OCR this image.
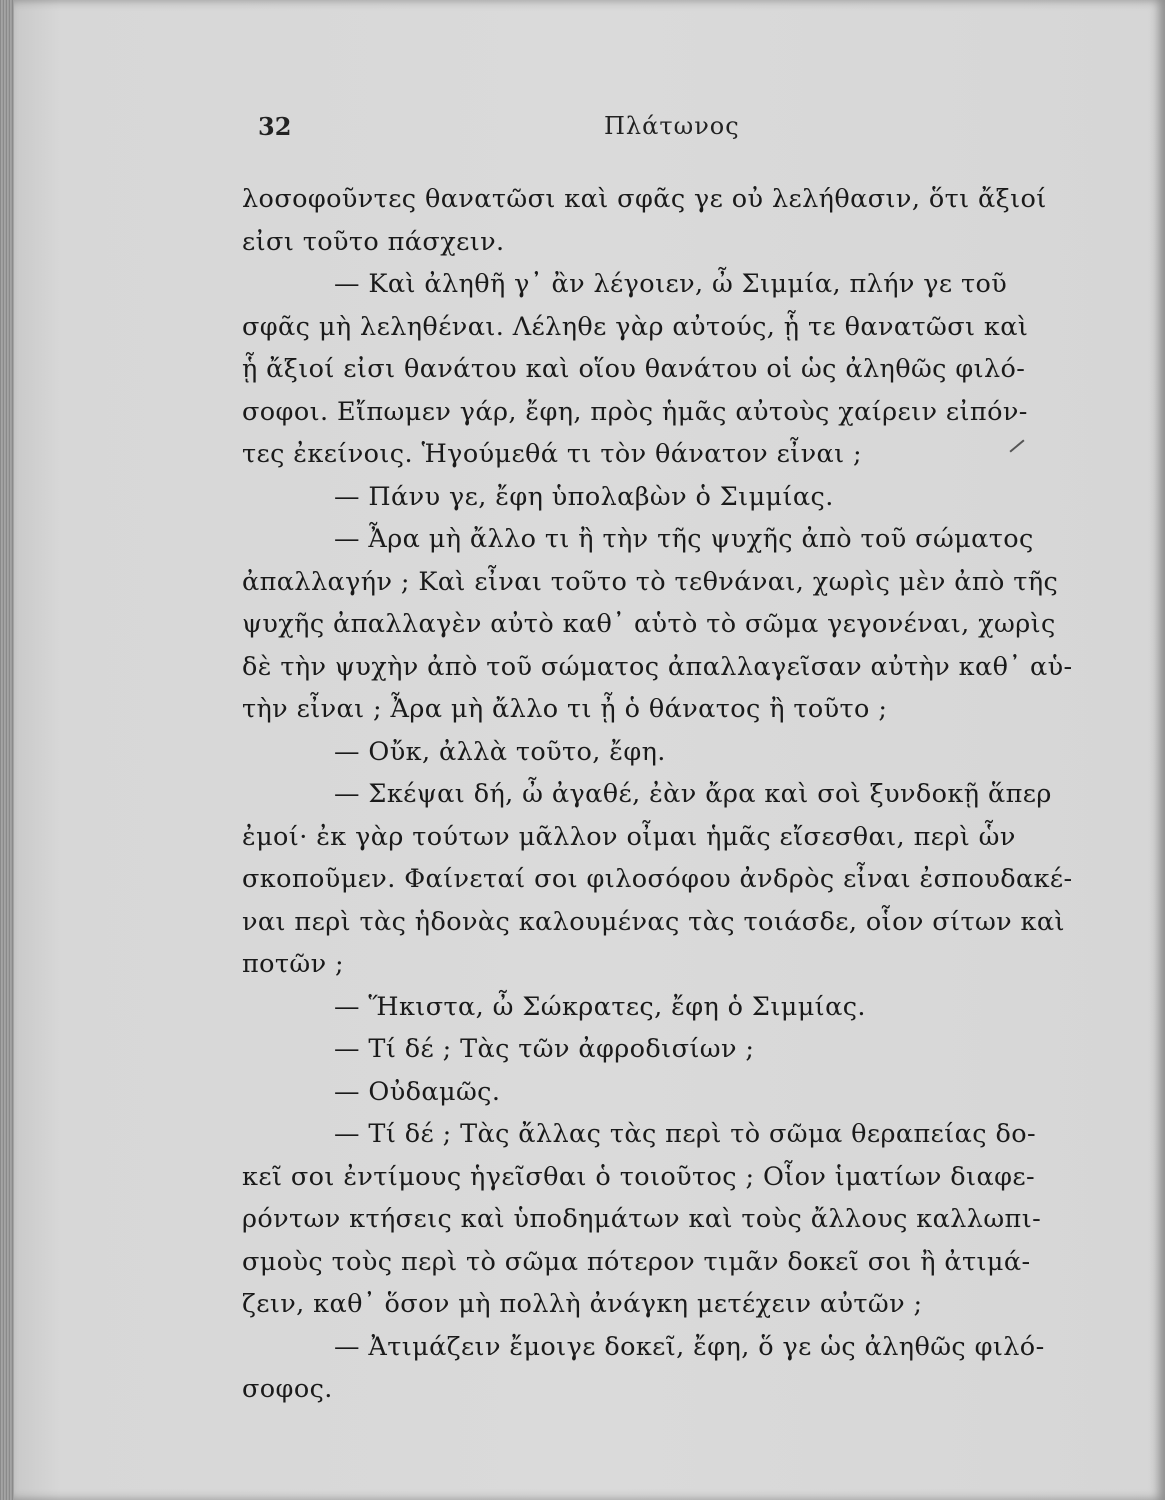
32	Πλάτωνος
λοσοφοῦντες θανατῶσι καὶ σφᾶς γε οὐ λελήθασιν, ὅτι ἄξιοί
εἰσι τοῦτο πάσχειν.
— Καὶ ἀληθῆ γ᾽ ἂν λέγοιεν, ὦ Σιμμία, πλήν γε τοῦ
σφᾶς μὴ λεληθέναι. Λέληθε γὰρ αὐτούς, ᾗ τε θανατῶσι καὶ
ᾗ ἄξιοί εἰσι θανάτου καὶ οἵου θανάτου οἱ ὡς ἀληθῶς φιλό-
σοφοι. Εἴπωμεν γάρ, ἔφη, πρὸς ἡμᾶς αὐτοὺς χαίρειν εἰπόν-
τες ἐκείνοις. Ἡγούμεθά τι τὸν θάνατον εἶναι ;
— Πάνυ γε, ἔφη ὑπολαβὼν ὁ Σιμμίας.
— Ἆρα μὴ ἄλλο τι ἢ τὴν τῆς ψυχῆς ἀπὸ τοῦ σώματος
ἀπαλλαγήν ; Καὶ εἶναι τοῦτο τὸ τεθνάναι, χωρὶς μὲν ἀπὸ τῆς
ψυχῆς ἀπαλλαγὲν αὐτὸ καθ᾽ αὑτὸ τὸ σῶμα γεγονέναι, χωρὶς
δὲ τὴν ψυχὴν ἀπὸ τοῦ σώματος ἀπαλλαγεῖσαν αὐτὴν καθ᾽ αὑ-
τὴν εἶναι ; Ἆρα μὴ ἄλλο τι ᾖ ὁ θάνατος ἢ τοῦτο ;
— Οὔκ, ἀλλὰ τοῦτο, ἔφη.
— Σκέψαι δή, ὦ ἀγαθέ, ἐὰν ἄρα καὶ σοὶ ξυνδοκῇ ἅπερ
ἐμοί· ἐκ γὰρ τούτων μᾶλλον οἶμαι ἡμᾶς εἴσεσθαι, περὶ ὧν
σκοποῦμεν. Φαίνεταί σοι φιλοσόφου ἀνδρὸς εἶναι ἐσπουδακέ-
ναι περὶ τὰς ἡδονὰς καλουμένας τὰς τοιάσδε, οἷον σίτων καὶ
ποτῶν ;
— Ἥκιστα, ὦ Σώκρατες, ἔφη ὁ Σιμμίας.
— Τί δέ ; Τὰς τῶν ἀφροδισίων ;
— Οὐδαμῶς.
— Τί δέ ; Τὰς ἄλλας τὰς περὶ τὸ σῶμα θεραπείας δο-
κεῖ σοι ἐντίμους ἡγεῖσθαι ὁ τοιοῦτος ; Οἷον ἱματίων διαφε-
ρόντων κτήσεις καὶ ὑποδημάτων καὶ τοὺς ἄλλους καλλωπι-
σμοὺς τοὺς περὶ τὸ σῶμα πότερον τιμᾶν δοκεῖ σοι ἢ ἀτιμά-
ζειν, καθ᾽ ὅσον μὴ πολλὴ ἀνάγκη μετέχειν αὐτῶν ;
— Ἀτιμάζειν ἔμοιγε δοκεῖ, ἔφη, ὅ γε ὡς ἀληθῶς φιλό-
σοφος.
